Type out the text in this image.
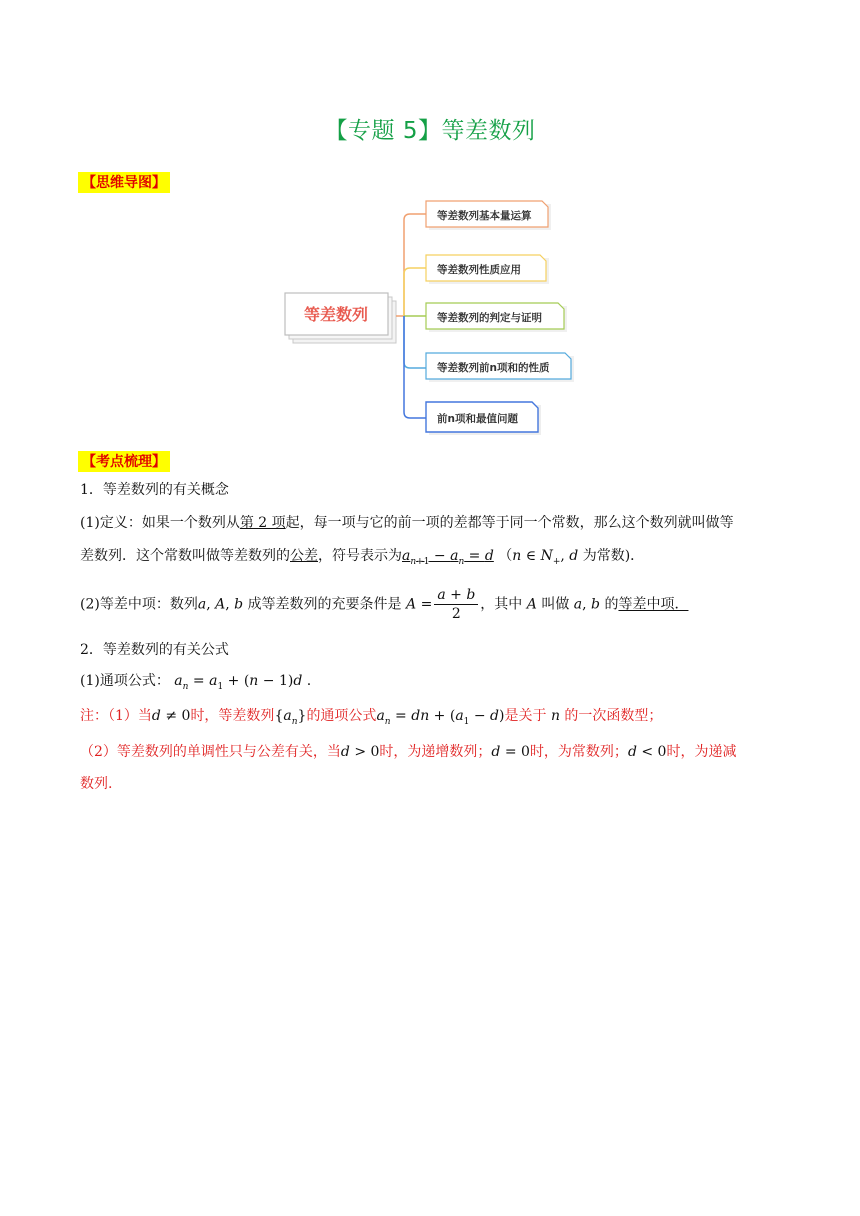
【专题 5】等差数列
【思维导图】
等差数列
等差数列基本量运算
等差数列性质应用
等差数列的判定与证明
等差数列前n项和的性质
前n项和最值问题
【考点梳理】
1．等差数列的有关概念
(1)定义：如果一个数列从第 2 项起，每一项与它的前一项的差都等于同一个常数，那么这个数列就叫做等
差数列．这个常数叫做等差数列的公差，符号表示为$a_{n+1} - a_n = d$ （n ∈ $N_+$, d 为常数)．
(2)等差中项：数列a, A, b 成等差数列的充要条件是 $A = \frac{a + b}{2}$ ，其中 A 叫做 a, b 的等差中项．
2．等差数列的有关公式
(1)通项公式： $a_n = a_1 + (n - 1)d$ .
注：（1）当d ≠ 0时，等差数列$\{a_n\}$的通项公式$a_n$ = dn + $(a_1 - d)$是关于 n 的一次函数型；
（2）等差数列的单调性只与公差有关，当d > 0时，为递增数列；d = 0时，为常数列；d < 0时，为递减
数列.
